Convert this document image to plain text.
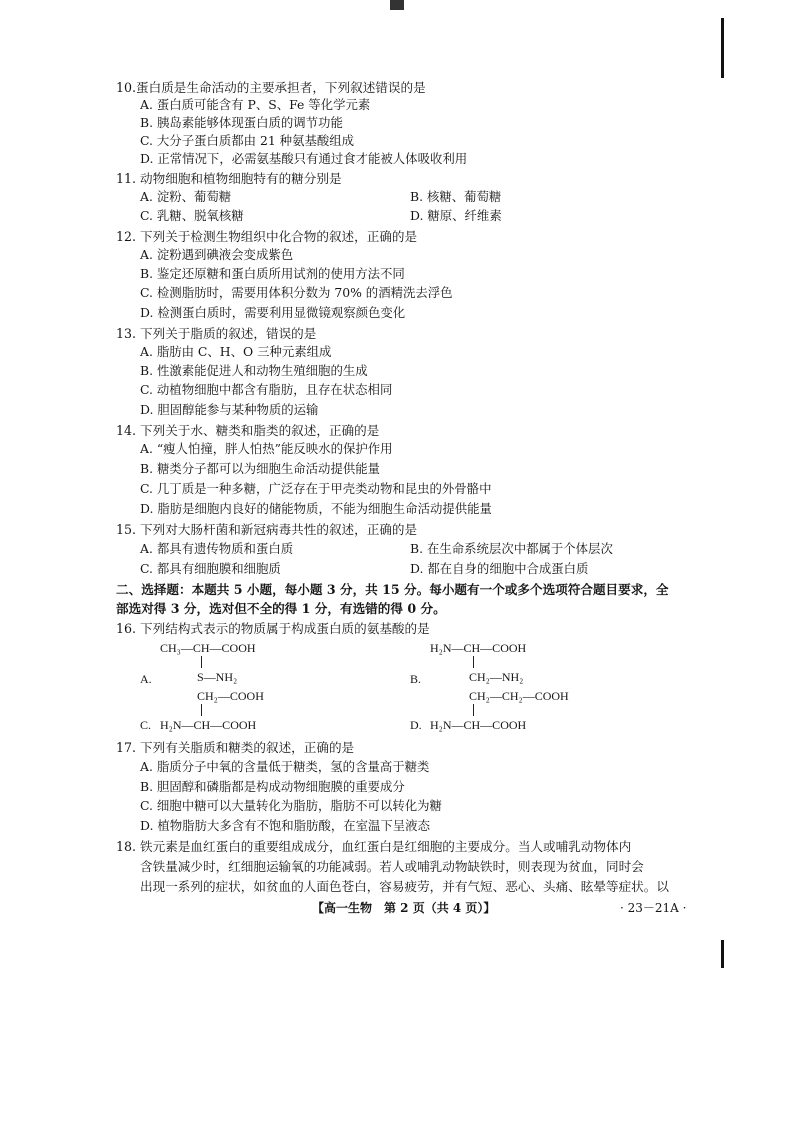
10.蛋白质是生命活动的主要承担者，下列叙述错误的是
A. 蛋白质可能含有 P、S、Fe 等化学元素
B. 胰岛素能够体现蛋白质的调节功能
C. 大分子蛋白质都由 21 种氨基酸组成
D. 正常情况下，必需氨基酸只有通过食才能被人体吸收利用
11. 动物细胞和植物细胞特有的糖分别是
A. 淀粉、葡萄糖	B. 核糖、葡萄糖
C. 乳糖、脱氧核糖	D. 糖原、纤维素
12. 下列关于检测生物组织中化合物的叙述，正确的是
A. 淀粉遇到碘液会变成紫色
B. 鉴定还原糖和蛋白质所用试剂的使用方法不同
C. 检测脂肪时，需要用体积分数为 70% 的酒精洗去浮色
D. 检测蛋白质时，需要利用显微镜观察颜色变化
13. 下列关于脂质的叙述，错误的是
A. 脂肪由 C、H、O 三种元素组成
B. 性激素能促进人和动物生殖细胞的生成
C. 动植物细胞中都含有脂肪，且存在状态相同
D. 胆固醇能参与某种物质的运输
14. 下列关于水、糖类和脂类的叙述，正确的是
A. “瘦人怕撞，胖人怕热”能反映水的保护作用
B. 糖类分子都可以为细胞生命活动提供能量
C. 几丁质是一种多糖，广泛存在于甲壳类动物和昆虫的外骨骼中
D. 脂肪是细胞内良好的储能物质，不能为细胞生命活动提供能量
15. 下列对大肠杆菌和新冠病毒共性的叙述，正确的是
A. 都具有遗传物质和蛋白质	B. 在生命系统层次中都属于个体层次
C. 都具有细胞膜和细胞质	D. 都在自身的细胞中合成蛋白质
二、选择题：本题共 5 小题，每小题 3 分，共 15 分。每小题有一个或多个选项符合题目要求，全
部选对得 3 分，选对但不全的得 1 分，有选错的得 0 分。
16. 下列结构式表示的物质属于构成蛋白质的氨基酸的是
A.
CH₃—CH—COOH
S—NH₂	B.
H₂N—CH—COOH
CH₂—NH₂
CH₂—COOH
C. H₂N—CH—COOH
CH₂—CH₂—COOH
D. H₂N—CH—COOH
17. 下列有关脂质和糖类的叙述，正确的是
A. 脂质分子中氧的含量低于糖类，氢的含量高于糖类
B. 胆固醇和磷脂都是构成动物细胞膜的重要成分
C. 细胞中糖可以大量转化为脂肪，脂肪不可以转化为糖
D. 植物脂肪大多含有不饱和脂肪酸，在室温下呈液态
18. 铁元素是血红蛋白的重要组成成分，血红蛋白是红细胞的主要成分。当人或哺乳动物体内
含铁量减少时，红细胞运输氧的功能减弱。若人或哺乳动物缺铁时，则表现为贫血，同时会
出现一系列的症状，如贫血的人面色苍白，容易疲劳，并有气短、恶心、头痛、眩晕等症状。以
【高一生物　第 2 页（共 4 页）】	· 23－21A ·
